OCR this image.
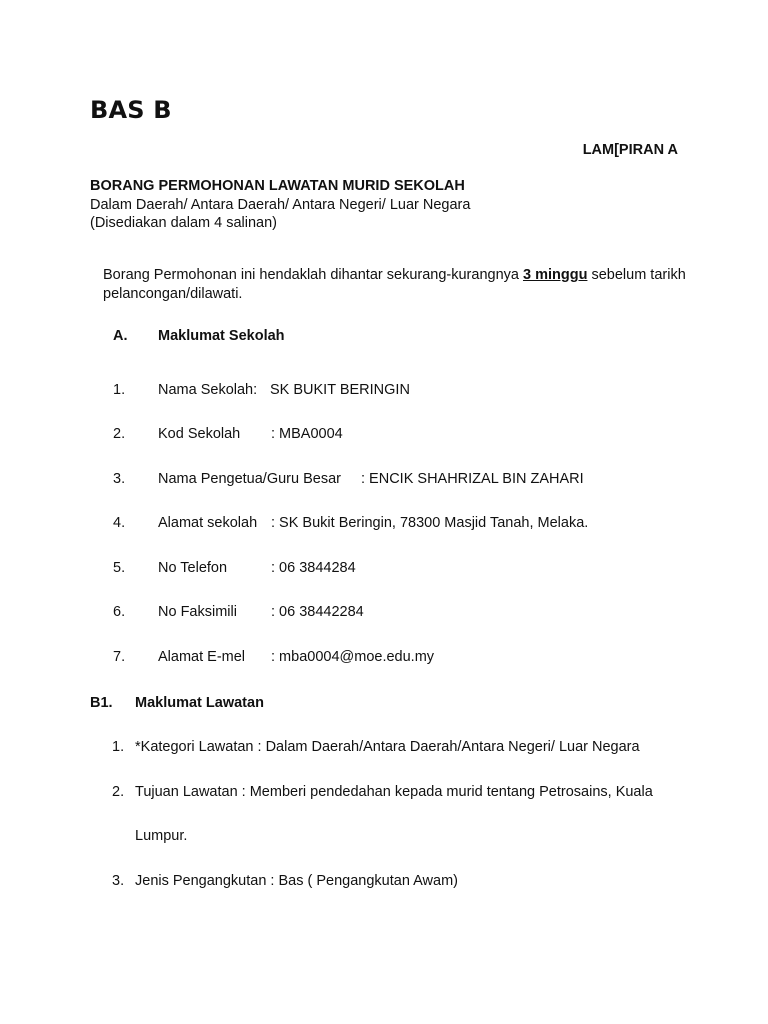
BAS B
LAM[PIRAN A
BORANG PERMOHONAN LAWATAN MURID SEKOLAH
Dalam Daerah/ Antara Daerah/ Antara Negeri/ Luar Negara
(Disediakan dalam 4 salinan)
Borang Permohonan ini hendaklah dihantar sekurang-kurangnya 3 minggu sebelum tarikh pelancongan/dilawati.
A. Maklumat Sekolah
1. Nama Sekolah: SK BUKIT BERINGIN
2. Kod Sekolah : MBA0004
3. Nama Pengetua/Guru Besar : ENCIK SHAHRIZAL BIN ZAHARI
4. Alamat sekolah : SK Bukit Beringin, 78300 Masjid Tanah, Melaka.
5. No Telefon	: 06 3844284
6. No Faksimili : 06 38442284
7. Alamat E-mel : mba0004@moe.edu.my
B1. Maklumat Lawatan
1. *Kategori Lawatan : Dalam Daerah/Antara Daerah/Antara Negeri/ Luar Negara
2. Tujuan Lawatan : Memberi pendedahan kepada murid tentang Petrosains, Kuala
Lumpur.
3. Jenis Pengangkutan : Bas ( Pengangkutan Awam)
